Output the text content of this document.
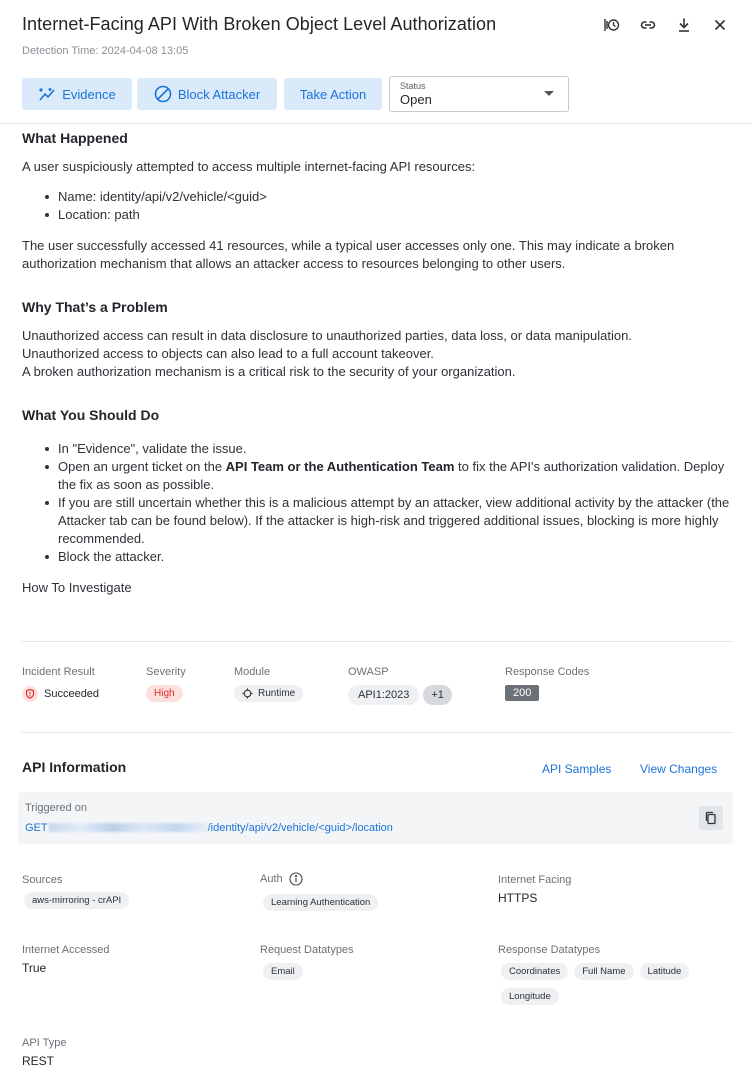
Internet-Facing API With Broken Object Level Authorization
Detection Time: 2024-04-08 13:05
Evidence	Block Attacker	Take Action
Status
Open
What Happened

A user suspiciously attempted to access multiple internet-facing API resources:

Name: identity/api/v2/vehicle/<guid>
Location: path

The user successfully accessed 41 resources, while a typical user accesses only one. This may indicate a broken authorization mechanism that allows an attacker access to resources belonging to other users.

Why That’s a Problem

Unauthorized access can result in data disclosure to unauthorized parties, data loss, or data manipulation.

Unauthorized access to objects can also lead to a full account takeover.

A broken authorization mechanism is a critical risk to the security of your organization.

What You Should Do
In "Evidence", validate the issue.
Open an urgent ticket on the API Team or the Authentication Team to fix the API's authorization validation. Deploy the fix as soon as possible.
If you are still uncertain whether this is a malicious attempt by an attacker, view additional activity by the attacker (the Attacker tab can be found below). If the attacker is high-risk and triggered additional issues, blocking is more highly recommended.
Block the attacker.

How To Investigate

Incident Result
Succeeded
Severity
High
Module
Runtime
OWASP
API1:2023	+1
Response Codes
200
API Information	API Samples View Changes
Triggered on
GET	/identity/api/v2/vehicle/<guid>/location
Sources
aws-mirroring - crAPI
Auth
Learning Authentication
Internet Facing
HTTPS
Internet Accessed
True
Request Datatypes
Email
Response Datatypes
Coordinates	Full Name	Latitude
Longitude
API Type
REST
